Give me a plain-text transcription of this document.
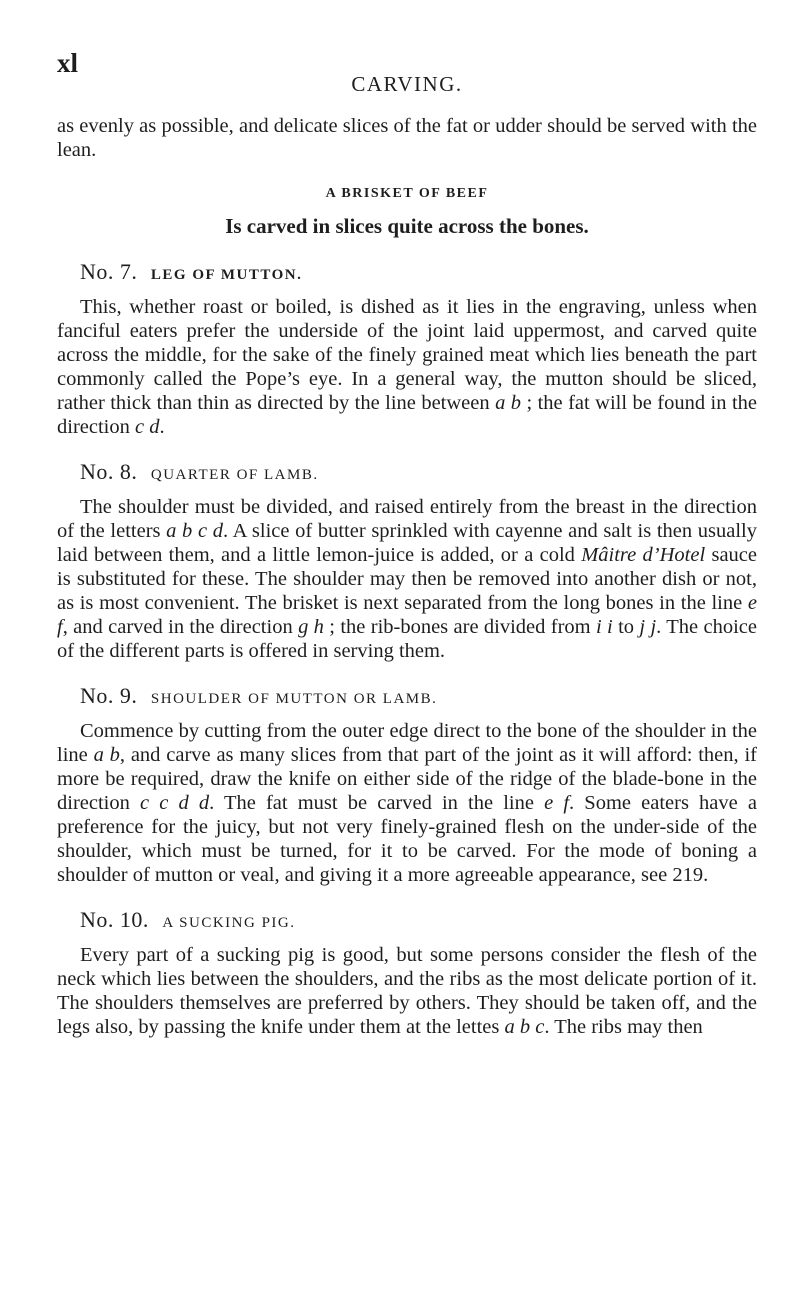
xl
CARVING.

as evenly as possible, and delicate slices of the fat or udder should be served with the lean.

A BRISKET OF BEEF
Is carved in slices quite across the bones.
No. 7. LEG OF MUTTON.

This, whether roast or boiled, is dished as it lies in the engraving, unless when fanciful eaters prefer the underside of the joint laid uppermost, and carved quite across the middle, for the sake of the finely grained meat which lies beneath the part commonly called the Pope’s eye. In a general way, the mutton should be sliced, rather thick than thin as directed by the line between a b ; the fat will be found in the direction c d.

No. 8. QUARTER OF LAMB.

The shoulder must be divided, and raised entirely from the breast in the direction of the letters a b c d. A slice of butter sprinkled with cayenne and salt is then usually laid between them, and a little lemon-juice is added, or a cold Mâitre d’Hotel sauce is substituted for these. The shoulder may then be removed into another dish or not, as is most convenient. The brisket is next separated from the long bones in the line e f, and carved in the direction g h ; the rib-bones are divided from i i to j j. The choice of the different parts is offered in serving them.

No. 9. SHOULDER OF MUTTON OR LAMB.

Commence by cutting from the outer edge direct to the bone of the shoulder in the line a b, and carve as many slices from that part of the joint as it will afford: then, if more be required, draw the knife on either side of the ridge of the blade-bone in the direction c c d d. The fat must be carved in the line e f. Some eaters have a preference for the juicy, but not very finely-grained flesh on the under-side of the shoulder, which must be turned, for it to be carved. For the mode of boning a shoulder of mutton or veal, and giving it a more agreeable appearance, see 219.

No. 10. A SUCKING PIG.

Every part of a sucking pig is good, but some persons consider the flesh of the neck which lies between the shoulders, and the ribs as the most delicate portion of it. The shoulders themselves are preferred by others. They should be taken off, and the legs also, by passing the knife under them at the lettes a b c. The ribs may then
